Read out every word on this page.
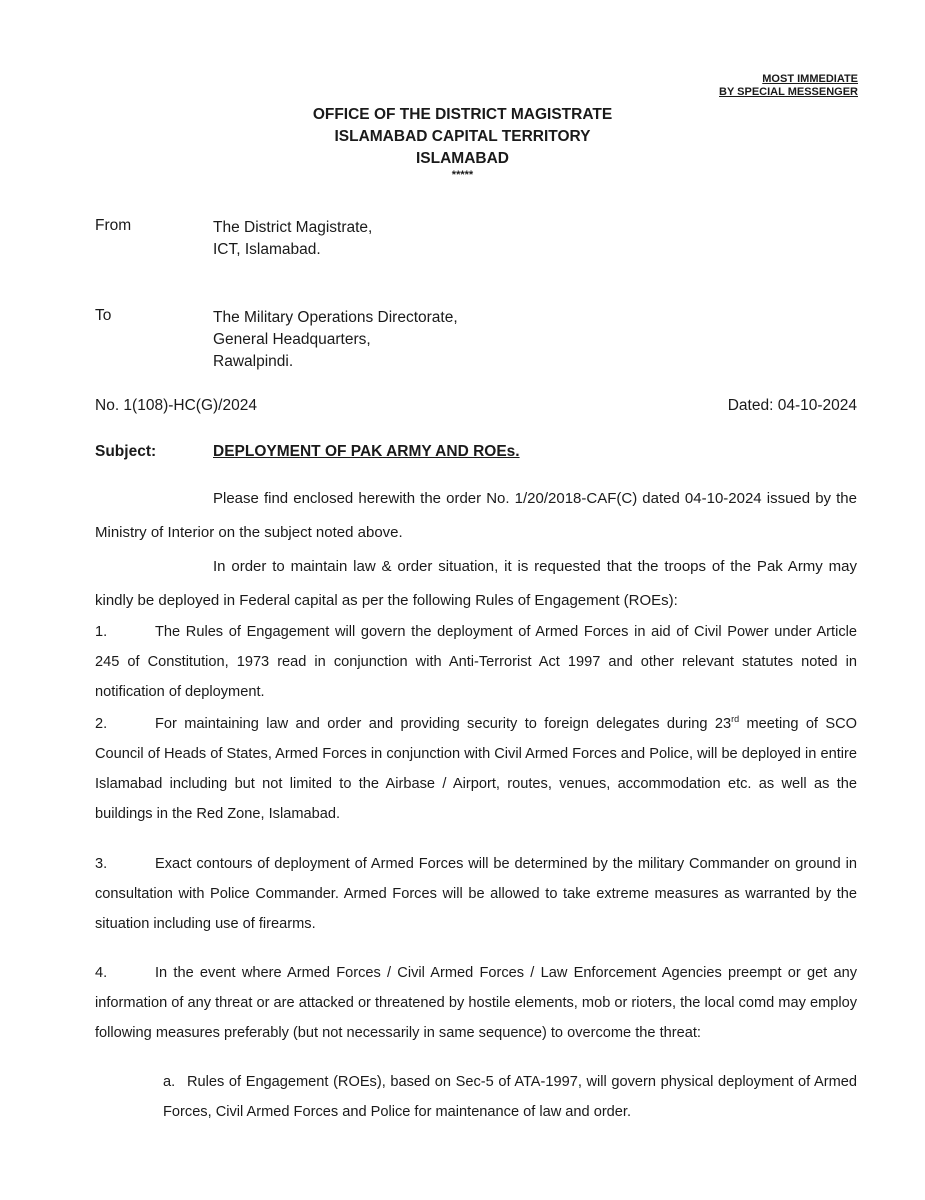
MOST IMMEDIATE
BY SPECIAL MESSENGER
OFFICE OF THE DISTRICT MAGISTRATE
ISLAMABAD CAPITAL TERRITORY
ISLAMABAD
*****
From	The District Magistrate,
ICT, Islamabad.
To	The Military Operations Directorate,
General Headquarters,
Rawalpindi.
No. 1(108)-HC(G)/2024	Dated: 04-10-2024
Subject:	DEPLOYMENT OF PAK ARMY AND ROEs.
Please find enclosed herewith the order No. 1/20/2018-CAF(C) dated 04-10-2024 issued by the Ministry of Interior on the subject noted above.
In order to maintain law & order situation, it is requested that the troops of the Pak Army may kindly be deployed in Federal capital as per the following Rules of Engagement (ROEs):
1.	The Rules of Engagement will govern the deployment of Armed Forces in aid of Civil Power under Article 245 of Constitution, 1973 read in conjunction with Anti-Terrorist Act 1997 and other relevant statutes noted in notification of deployment.
2.	For maintaining law and order and providing security to foreign delegates during 23rd meeting of SCO Council of Heads of States, Armed Forces in conjunction with Civil Armed Forces and Police, will be deployed in entire Islamabad including but not limited to the Airbase / Airport, routes, venues, accommodation etc. as well as the buildings in the Red Zone, Islamabad.
3.	Exact contours of deployment of Armed Forces will be determined by the military Commander on ground in consultation with Police Commander. Armed Forces will be allowed to take extreme measures as warranted by the situation including use of firearms.
4.	In the event where Armed Forces / Civil Armed Forces / Law Enforcement Agencies preempt or get any information of any threat or are attacked or threatened by hostile elements, mob or rioters, the local comd may employ following measures preferably (but not necessarily in same sequence) to overcome the threat:
a. Rules of Engagement (ROEs), based on Sec-5 of ATA-1997, will govern physical deployment of Armed Forces, Civil Armed Forces and Police for maintenance of law and order.
